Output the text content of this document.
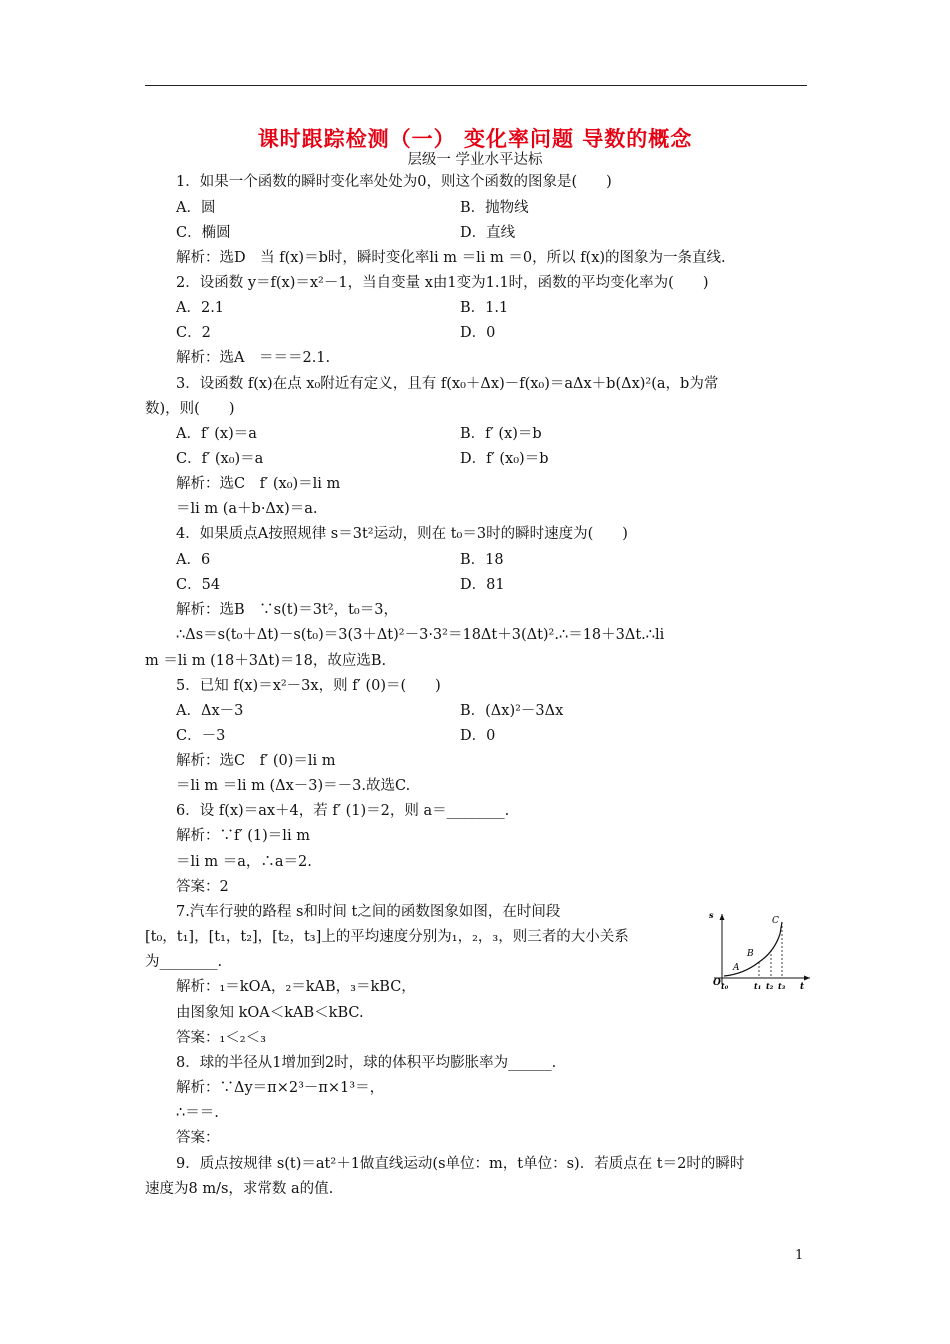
课时跟踪检测（一） 变化率问题 导数的概念
层级一 学业水平达标
1．如果一个函数的瞬时变化率处处为0，则这个函数的图象是(　　)
A．圆	B．抛物线
C．椭圆	D．直线
解析：选D　当 f(x)＝b时，瞬时变化率li m ＝li m ＝0，所以 f(x)的图象为一条直线.
2．设函数 y＝f(x)＝x²－1，当自变量 x由1变为1.1时，函数的平均变化率为(　　)
A．2.1	B．1.1
C．2	D．0
解析：选A　＝＝＝2.1.
3．设函数 f(x)在点 x₀附近有定义，且有 f(x₀＋Δx)－f(x₀)＝aΔx＋b(Δx)²(a，b为常
数)，则(　　)
A．f′ (x)＝a	B．f′ (x)＝b
C．f′ (x₀)＝a	D．f′ (x₀)＝b
解析：选C　f′ (x₀)＝li m
＝li m (a＋b·Δx)＝a.
4．如果质点A按照规律 s＝3t²运动，则在 t₀＝3时的瞬时速度为(　　)
A．6	B．18
C．54	D．81
解析：选B　∵s(t)＝3t²，t₀＝3，
∴Δs＝s(t₀＋Δt)－s(t₀)＝3(3＋Δt)²－3·3²＝18Δt＋3(Δt)².∴＝18＋3Δt.∴li
m ＝li m (18＋3Δt)＝18，故应选B.
5．已知 f(x)＝x²－3x，则 f′ (0)＝(　　)
A．Δx－3	B．(Δx)²－3Δx
C．－3	D．0
解析：选C　f′ (0)＝li m
＝li m ＝li m (Δx－3)＝－3.故选C.
6．设 f(x)＝ax＋4，若 f′ (1)＝2，则 a＝________.
解析：∵f′ (1)＝li m
＝li m ＝a，∴a＝2.
答案：2
7.汽车行驶的路程 s和时间 t之间的函数图象如图，在时间段
[t₀，t₁]，[t₁，t₂]，[t₂，t₃]上的平均速度分别为₁，₂，₃，则三者的大小关系
为________.
解析：₁＝kOA，₂＝kAB，₃＝kBC，
由图象知 kOA＜kAB＜kBC.
答案：₁＜₂＜₃
8．球的半径从1增加到2时，球的体积平均膨胀率为______.
解析：∵Δy＝π×2³－π×1³＝，
∴＝＝.
答案：
9．质点按规律 s(t)＝at²＋1做直线运动(s单位：m，t单位：s)．若质点在 t＝2时的瞬时
速度为8 m/s，求常数 a的值.
s
t
O
A
B
C
t₀	t₁ t₂ t₃
1
